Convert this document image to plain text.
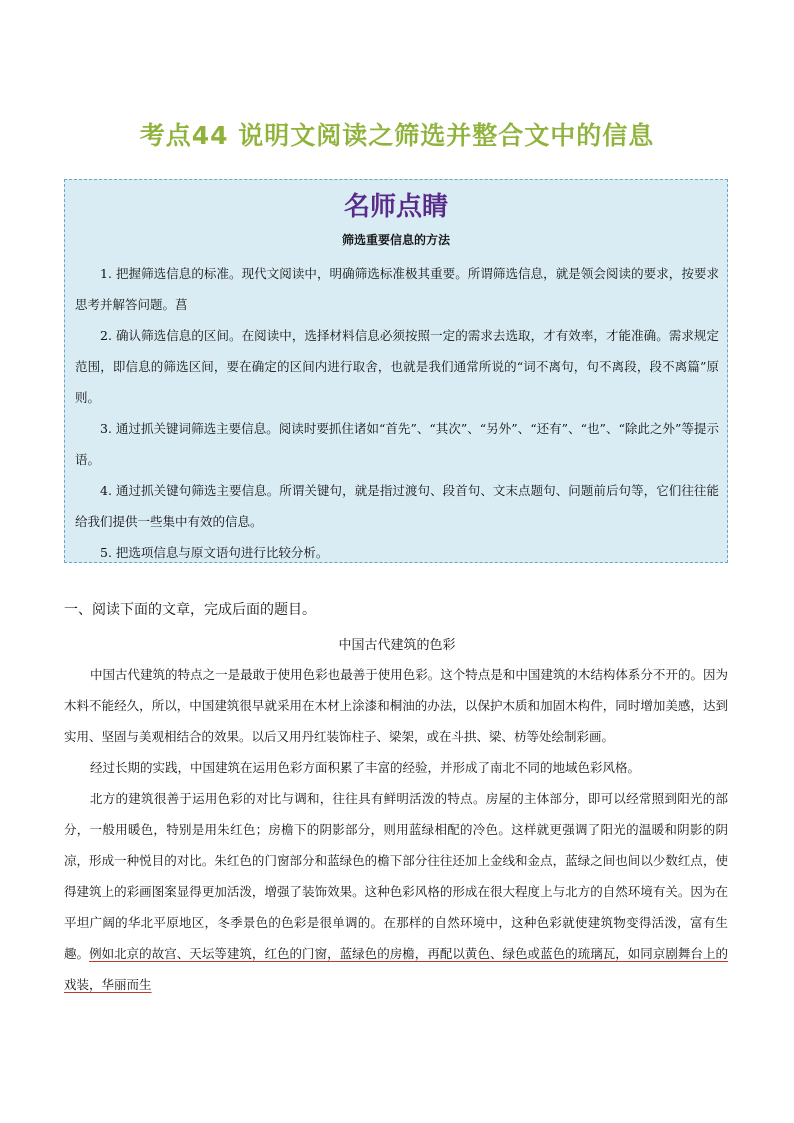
考点44 说明文阅读之筛选并整合文中的信息
名师点睛
筛选重要信息的方法
1. 把握筛选信息的标准。现代文阅读中，明确筛选标准极其重要。所谓筛选信息，就是领会阅读的要求，按要求思考并解答问题。菖
2. 确认筛选信息的区间。在阅读中，选择材料信息必须按照一定的需求去选取，才有效率，才能准确。需求规定范围，即信息的筛选区间，要在确定的区间内进行取舍，也就是我们通常所说的“词不离句，句不离段，段不离篇”原则。
3. 通过抓关键词筛选主要信息。阅读时要抓住诸如“首先”、“其次”、“另外”、“还有”、“也”、“除此之外”等提示语。
4. 通过抓关键句筛选主要信息。所谓关键句，就是指过渡句、段首句、文末点题句、问题前后句等，它们往往能给我们提供一些集中有效的信息。
5. 把选项信息与原文语句进行比较分析。
一、阅读下面的文章，完成后面的题目。
中国古代建筑的色彩

中国古代建筑的特点之一是最敢于使用色彩也最善于使用色彩。这个特点是和中国建筑的木结构体系分不开的。因为木料不能经久，所以，中国建筑很早就采用在木材上涂漆和桐油的办法，以保护木质和加固木构件，同时增加美感，达到实用、坚固与美观相结合的效果。以后又用丹红装饰柱子、梁架，或在斗拱、梁、枋等处绘制彩画。

经过长期的实践，中国建筑在运用色彩方面积累了丰富的经验，并形成了南北不同的地域色彩风格。

北方的建筑很善于运用色彩的对比与调和，往往具有鲜明活泼的特点。房屋的主体部分，即可以经常照到阳光的部分，一般用暖色，特别是用朱红色；房檐下的阴影部分，则用蓝绿相配的冷色。这样就更强调了阳光的温暖和阴影的阴凉，形成一种悦目的对比。朱红色的门窗部分和蓝绿色的檐下部分往往还加上金线和金点，蓝绿之间也间以少数红点，使得建筑上的彩画图案显得更加活泼，增强了装饰效果。这种色彩风格的形成在很大程度上与北方的自然环境有关。因为在平坦广阔的华北平原地区，冬季景色的色彩是很单调的。在那样的自然环境中，这种色彩就使建筑物变得活泼，富有生趣。例如北京的故宫、天坛等建筑，红色的门窗，蓝绿色的房檐，再配以黄色、绿色或蓝色的琉璃瓦，如同京剧舞台上的戏装，华丽而生
